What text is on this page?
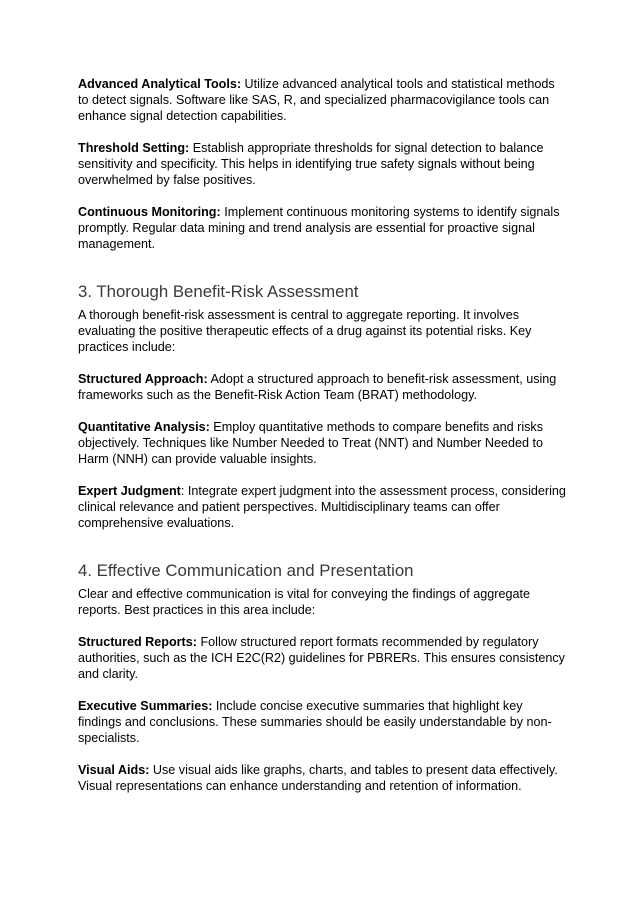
Advanced Analytical Tools: Utilize advanced analytical tools and statistical methods to detect signals. Software like SAS, R, and specialized pharmacovigilance tools can enhance signal detection capabilities.

Threshold Setting: Establish appropriate thresholds for signal detection to balance sensitivity and specificity. This helps in identifying true safety signals without being overwhelmed by false positives.

Continuous Monitoring: Implement continuous monitoring systems to identify signals promptly. Regular data mining and trend analysis are essential for proactive signal management.

3. Thorough Benefit-Risk Assessment

A thorough benefit-risk assessment is central to aggregate reporting. It involves evaluating the positive therapeutic effects of a drug against its potential risks. Key practices include:

Structured Approach: Adopt a structured approach to benefit-risk assessment, using frameworks such as the Benefit-Risk Action Team (BRAT) methodology.

Quantitative Analysis: Employ quantitative methods to compare benefits and risks objectively. Techniques like Number Needed to Treat (NNT) and Number Needed to Harm (NNH) can provide valuable insights.

Expert Judgment: Integrate expert judgment into the assessment process, considering clinical relevance and patient perspectives. Multidisciplinary teams can offer comprehensive evaluations.

4. Effective Communication and Presentation

Clear and effective communication is vital for conveying the findings of aggregate reports. Best practices in this area include:

Structured Reports: Follow structured report formats recommended by regulatory authorities, such as the ICH E2C(R2) guidelines for PBRERs. This ensures consistency and clarity.

Executive Summaries: Include concise executive summaries that highlight key findings and conclusions. These summaries should be easily understandable by non-specialists.

Visual Aids: Use visual aids like graphs, charts, and tables to present data effectively. Visual representations can enhance understanding and retention of information.
